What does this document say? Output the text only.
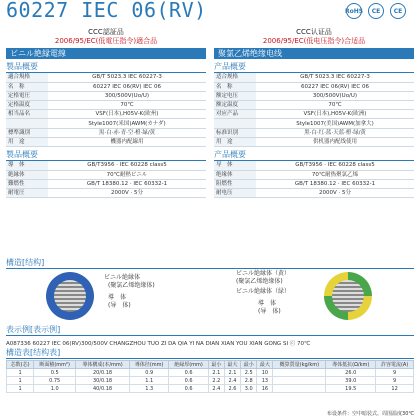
60227 IEC 06(RV)	RoHS	CE	CE
CCC認証品
2006/95/EC(低電圧指令)適合品
ビニル絶縁電線
製品概要
適合規格	GB/T 5023.3 IEC 60227-3
名　称	60227 IEC 06(RV) IEC 06
定格電圧	300/500V(Uo/U)
定格温度	70℃
相当品名	VSF(日本),H05V-K(欧州)
	Style1007(米国)AWM(カナダ)
標準識別	黒·白·赤·青·空·橙·緑/黄
用　途	機器内配線用
製品概要
導　体	GB/T3956 · IEC 60228 class5
絶縁体	70℃耐熱ビニル
難燃性	GB/T 18380.12 · IEC 60332-1
耐電圧	2000V · 5分
CCC认证品
2006/95/EC(低电压指令)合适品
聚氯乙烯绝缘电线
产品概要
适合规格	GB/T 5023.3 IEC 60227-3
名　称	60227 IEC 06(RV) IEC 06
额定电压	300/500V(Uo/U)
额定温度	70℃
对应产品	VSF(日本),H05V-K(欧洲)
	Style1007(美国)AWM(加拿大)
标准识别	黑·白·红·蓝·天蓝·橙·绿/黄
用　途	供机器内配线使用
产品概要
导　体	GB/T3956 · IEC 60228 class5
绝缘体	70℃耐热聚氯乙烯
阻燃性	GB/T 18380.12 · IEC 60332-1
耐电压	2000V · 5分
構造[结构]
ビニル絶縁体
(聚氯乙烯绝缘体)
導　体
(导　体)
ビニル絶縁体（黄）
(聚氯乙烯绝缘体)
ビニル絶縁体（緑）
導　体
(导　体)
表示例[表示例]
A087336 60227 IEC 06(RV)300/500V CHANGZHOU TUO ZI DA QIA YI NA DIAN XIAN YOU XIAN GONG SI ⓒ 70℃
構造表[结构表]
芯数(芯)	断面積(mm²)	導体構成(本/mm)	導体径(mm)	絶縁厚(mm)	最小	最大	最小	最大	概算質量(kg/km)	導体抵抗(Ω/km)	許容電流(A)
1	0.5	20/0.18	0.9	0.6	2.1	2.1	2.5	10		26.0	9
1	0.75	30/0.18	1.1	0.6	2.2	2.4	2.8	13		39.0	9
1	1.0	40/0.18	1.3	0.6	2.4	2.6	3.0	16		19.5	12
布设条件：空中暗装式、周围温度30℃
